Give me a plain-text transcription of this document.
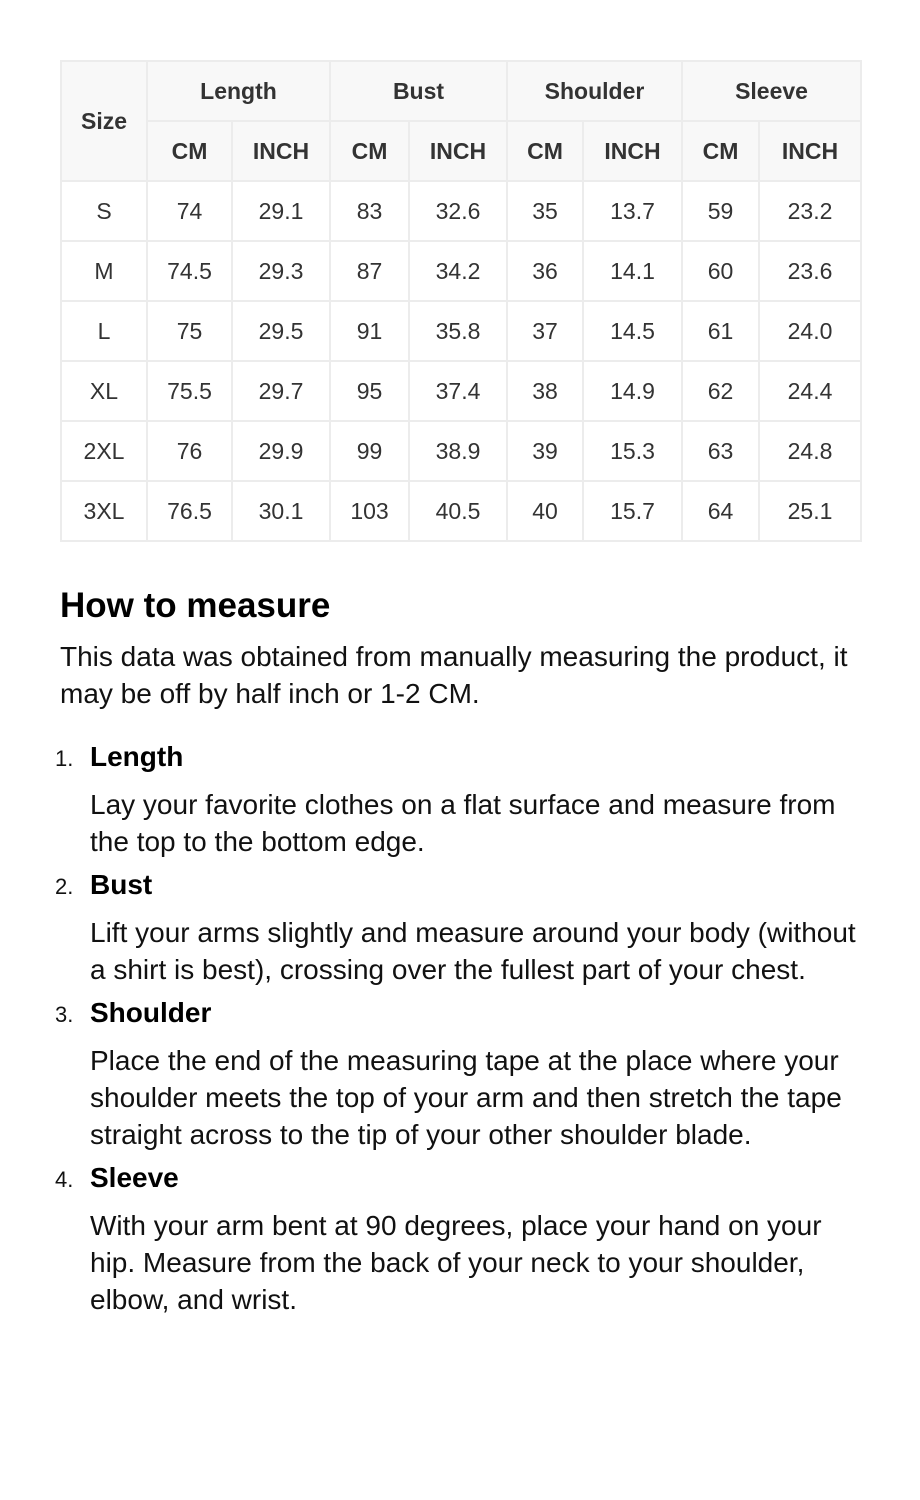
Size	Length		Bust		Shoulder		Sleeve	
	CM	INCH	CM	INCH	CM	INCH	CM	INCH
S	74	29.1	83	32.6	35	13.7	59	23.2
M	74.5	29.3	87	34.2	36	14.1	60	23.6
L	75	29.5	91	35.8	37	14.5	61	24.0
XL	75.5	29.7	95	37.4	38	14.9	62	24.4
2XL	76	29.9	99	38.9	39	15.3	63	24.8
3XL	76.5	30.1	103	40.5	40	15.7	64	25.1
How to measure

This data was obtained from manually measuring the product, it may be off by half inch or 1-2 CM.

1. Length

Lay your favorite clothes on a flat surface and measure from the top to the bottom edge.

2. Bust

Lift your arms slightly and measure around your body (without a shirt is best), crossing over the fullest part of your chest.

3. Shoulder

Place the end of the measuring tape at the place where your shoulder meets the top of your arm and then stretch the tape straight across to the tip of your other shoulder blade.

4. Sleeve

With your arm bent at 90 degrees, place your hand on your hip. Measure from the back of your neck to your shoulder, elbow, and wrist.
